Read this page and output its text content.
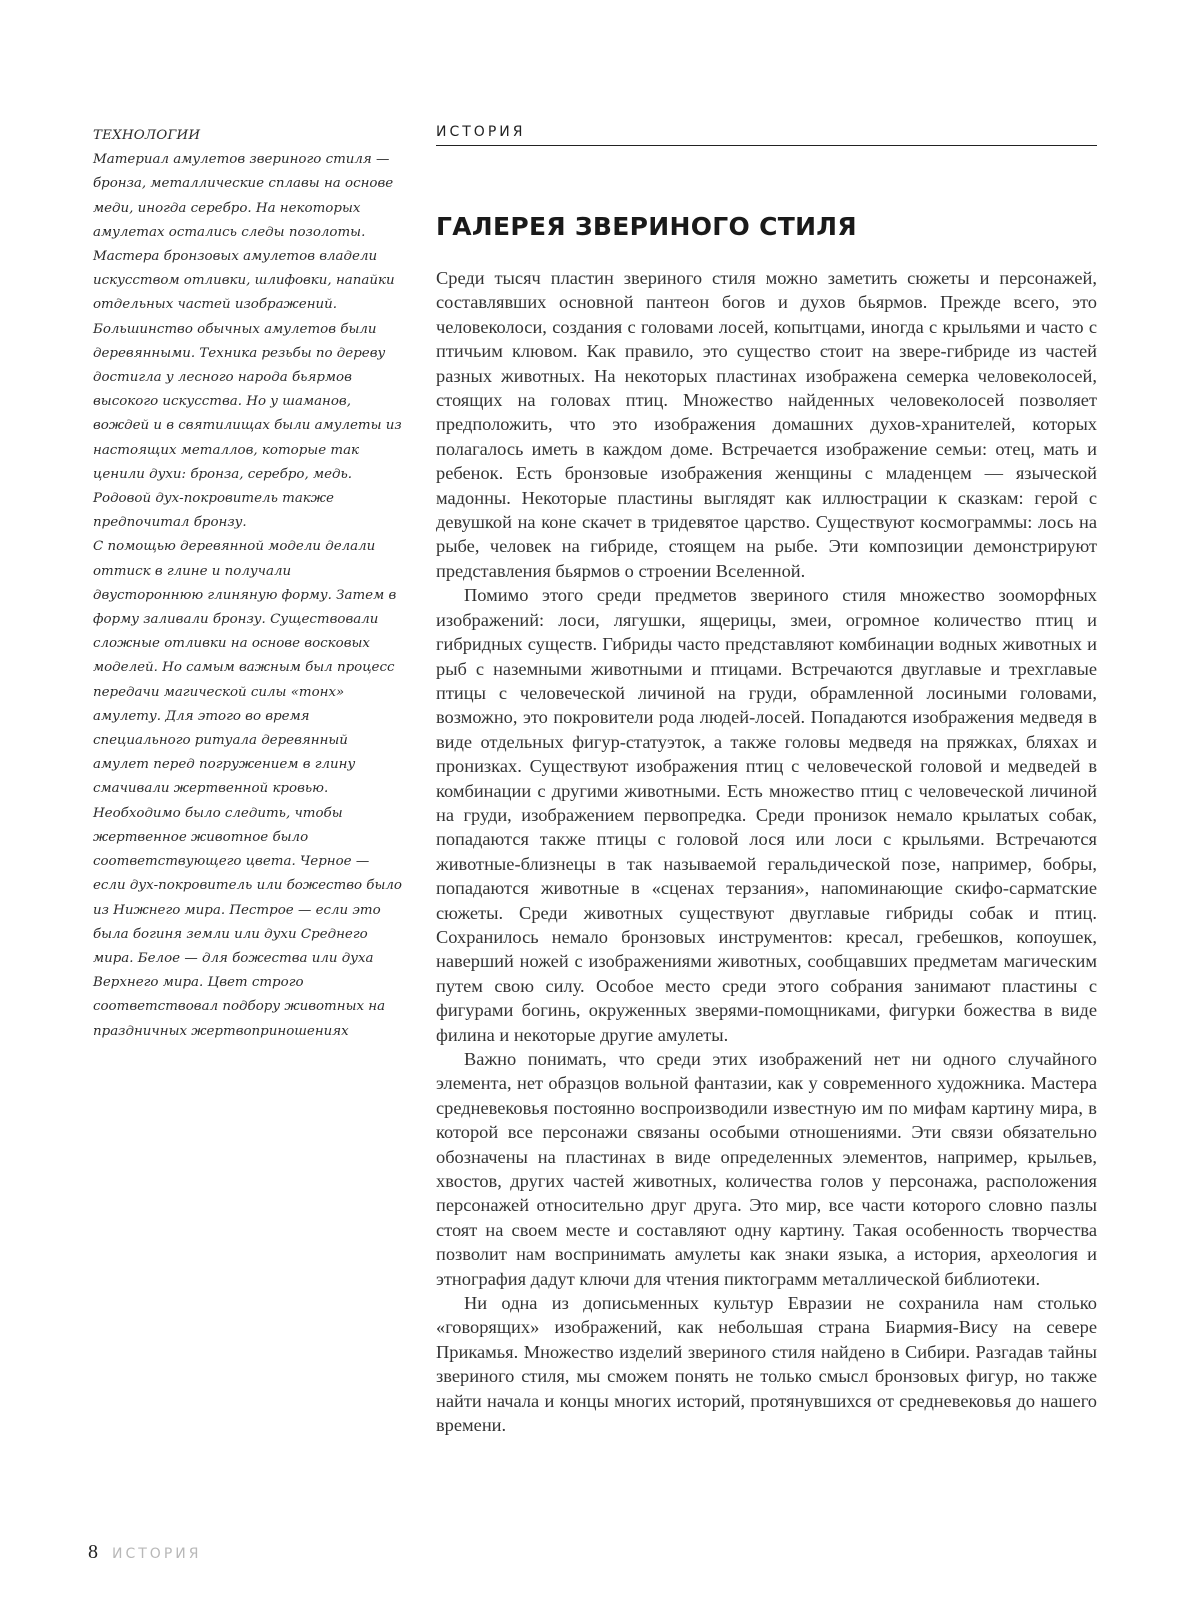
ТЕХНОЛОГИИ

Материал амулетов звериного стиля — бронза, металлические сплавы на основе меди, иногда серебро. На некоторых амулетах остались следы позолоты. Мастера бронзовых амулетов владели искусством отливки, шлифовки, напайки отдельных частей изображений. Большинство обычных амулетов были деревянными. Техника резьбы по дереву достигла у лесного народа бьярмов высокого искусства. Но у шаманов, вождей и в святилищах были амулеты из настоящих металлов, которые так ценили духи: бронза, серебро, медь. Родовой дух-покровитель также предпочитал бронзу.

С помощью деревянной модели делали оттиск в глине и получали двустороннюю глиняную форму. Затем в форму заливали бронзу. Существовали сложные отливки на основе восковых моделей. Но самым важным был процесс передачи магической силы «тонх» амулету. Для этого во время специального ритуала деревянный амулет перед погружением в глину смачивали жертвенной кровью. Необходимо было следить, чтобы жертвенное животное было соответствующего цвета. Черное — если дух-покровитель или божество было из Нижнего мира. Пестрое — если это была богиня земли или духи Среднего мира. Белое — для божества или духа Верхнего мира. Цвет строго соответствовал подбору животных на праздничных жертвоприношениях

ИСТОРИЯ
ГАЛЕРЕЯ ЗВЕРИНОГО СТИЛЯ

Среди тысяч пластин звериного стиля можно заметить сюжеты и персонажей, составлявших основной пантеон богов и духов бьярмов. Прежде всего, это человеколоси, создания с головами лосей, копытцами, иногда с крыльями и часто с птичьим клювом. Как правило, это существо стоит на звере-гибриде из частей разных животных. На некоторых пластинах изображена семерка человеколосей, стоящих на головах птиц. Множество найденных человеколосей позволяет предположить, что это изображения домашних духов-хранителей, которых полагалось иметь в каждом доме. Встречается изображение семьи: отец, мать и ребенок. Есть бронзовые изображения женщины с младенцем — языческой мадонны. Некоторые пластины выглядят как иллюстрации к сказкам: герой с девушкой на коне скачет в тридевятое царство. Существуют космограммы: лось на рыбе, человек на гибриде, стоящем на рыбе. Эти композиции демонстрируют представления бьярмов о строении Вселенной.

Помимо этого среди предметов звериного стиля множество зооморфных изображений: лоси, лягушки, ящерицы, змеи, огромное количество птиц и гибридных существ. Гибриды часто представляют комбинации водных животных и рыб с наземными животными и птицами. Встречаются двуглавые и трехглавые птицы с человеческой личиной на груди, обрамленной лосиными головами, возможно, это покровители рода людей-лосей. Попадаются изображения медведя в виде отдельных фигур-статуэток, а также головы медведя на пряжках, бляхах и пронизках. Существуют изображения птиц с человеческой головой и медведей в комбинации с другими животными. Есть множество птиц с человеческой личиной на груди, изображением первопредка. Среди пронизок немало крылатых собак, попадаются также птицы с головой лося или лоси с крыльями. Встречаются животные-близнецы в так называемой геральдической позе, например, бобры, попадаются животные в «сценах терзания», напоминающие скифо-сарматские сюжеты. Среди животных существуют двуглавые гибриды собак и птиц. Сохранилось немало бронзовых инструментов: кресал, гребешков, копоушек, наверший ножей с изображениями животных, сообщавших предметам магическим путем свою силу. Особое место среди этого собрания занимают пластины с фигурами богинь, окруженных зверями-помощниками, фигурки божества в виде филина и некоторые другие амулеты.

Важно понимать, что среди этих изображений нет ни одного случайного элемента, нет образцов вольной фантазии, как у современного художника. Мастера средневековья постоянно воспроизводили известную им по мифам картину мира, в которой все персонажи связаны особыми отношениями. Эти связи обязательно обозначены на пластинах в виде определенных элементов, например, крыльев, хвостов, других частей животных, количества голов у персонажа, расположения персонажей относительно друг друга. Это мир, все части которого словно пазлы стоят на своем месте и составляют одну картину. Такая особенность творчества позволит нам воспринимать амулеты как знаки языка, а история, археология и этнография дадут ключи для чтения пиктограмм металлической библиотеки.

Ни одна из дописьменных культур Евразии не сохранила нам столько «говорящих» изображений, как небольшая страна Биармия-Вису на севере Прикамья. Множество изделий звериного стиля найдено в Сибири. Разгадав тайны звериного стиля, мы сможем понять не только смысл бронзовых фигур, но также найти начала и концы многих историй, протянувшихся от средневековья до нашего времени.

8 ИСТОРИЯ
